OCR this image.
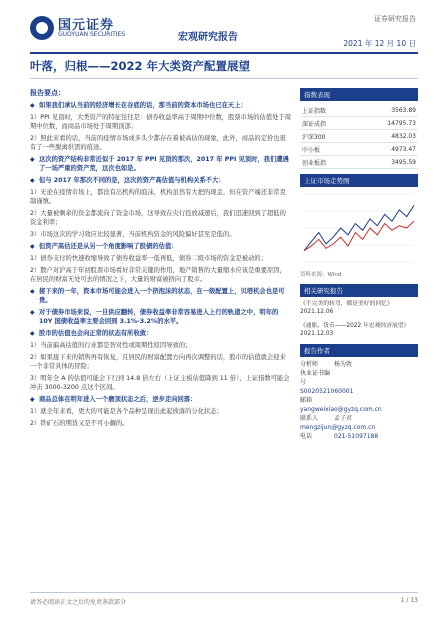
国元证券
GUOYUAN SECURITIES	宏观研究报告
证券研究报告
2021 年 12 月 10 日
叶落，归根——2022 年大类资产配置展望
报告要点：
◆ 如果我们承认当前的经济增长在谷底的话，那当前的资本市场也已在天上：
1）PPI 见顶时，大类资产的特征往往是：债券收益率高于周期中位数，股票市场的估值处于周期中位数，而商品市场处于周期顶部；
2）照此来看的话，当前的疫情市场成多头少都存在着被高估的现象，此外，商品的定价也很有了一些脱离供需的痕迹。
◆ 这次的资产结构非常近似于 2017 年 PPI 见顶的那次，2017 年 PPI 见顶时，我们遭遇了一场严重的资产荒，这次也如是。
◆ 但与 2017 年那次不同的是，这次的资产高估值与机构关系不大：
1）无论在疫情市场上，都没有出机构的泡沫，机构虽然有大把的现金，但在资产端还非常克制谨慎。
2）大量被剩余的资金都流向了资金市场，这导致在央行投放减速后，我们迅速回到了超低的资金利率；
3）市场这次的学习效应比较显著，当前机构资金的风险偏好甚至是低的。
◆ 但资产高估还是从另一个角度影响了股债的估值：
1）债券支付的快速收缩导致了债券收益率一低再低，债券二级市场的资金是被动的；
2）散户对沪高于年初股票市场看好非常关键的作用，地产销售的大量缩水应该是重要原因，在居民的财富无处可去的情况之下，大量的财富被挤向了股市。
◆ 接下来的一年，资本市场可能会进入一个挤泡沫的状态，在一级配置上，贝塔机会也是可贵。
◆ 对于债券市场来说，一旦供应翻转，债券收益率非常容易进入上行的轨道之中，明年的 10Y 国债收益率主要会回到 3.1%-3.2%的水平。
◆ 股市的估值也会向正常的状态有所收敛：
1）当前偏高估值的行业都是智对性或周期性原因导致的；
2）如果接下来的销售再有恢复，且居民的财富配置方向再次调整的话，股市的估值就会迎来一个非常具体的冒险；
3）明年全 A 的估值可能会下行到 14.8 倍左右（上证主板估值降到 11 倍），上证指数可能会冲击 3000-3200 点这个区间。
◆ 商品总体在明年进入一个磨顶状态之后，逆步走向回落：
1）就全年来看，更大的可能是各个品种呈现出此起彼落的分化状态；
2）铁矿石的期货又是不可小觑的。
指数表现
上证指数	3563.89
深证成指	14795.73
沪深300	4832.03
中小板	4973.47
创业板指	3495.59
上证市场走势图
资料来源：Wind
相关研究报告
《不完美的转弯，都是美好的回忆》2021.12.06
《通胀、货币——2022 年宏观经济展望》2021.12.03
报告作者
分析师	杨为敩
执业证书编号
S0020521060001
邮箱
yangweixiao@gyzq.com.cn
联系人	孟子君
mengzijun@gyzq.com.cn
电话	021-51097188
请务必阅读正文之后的免责条款部分	1 / 13
